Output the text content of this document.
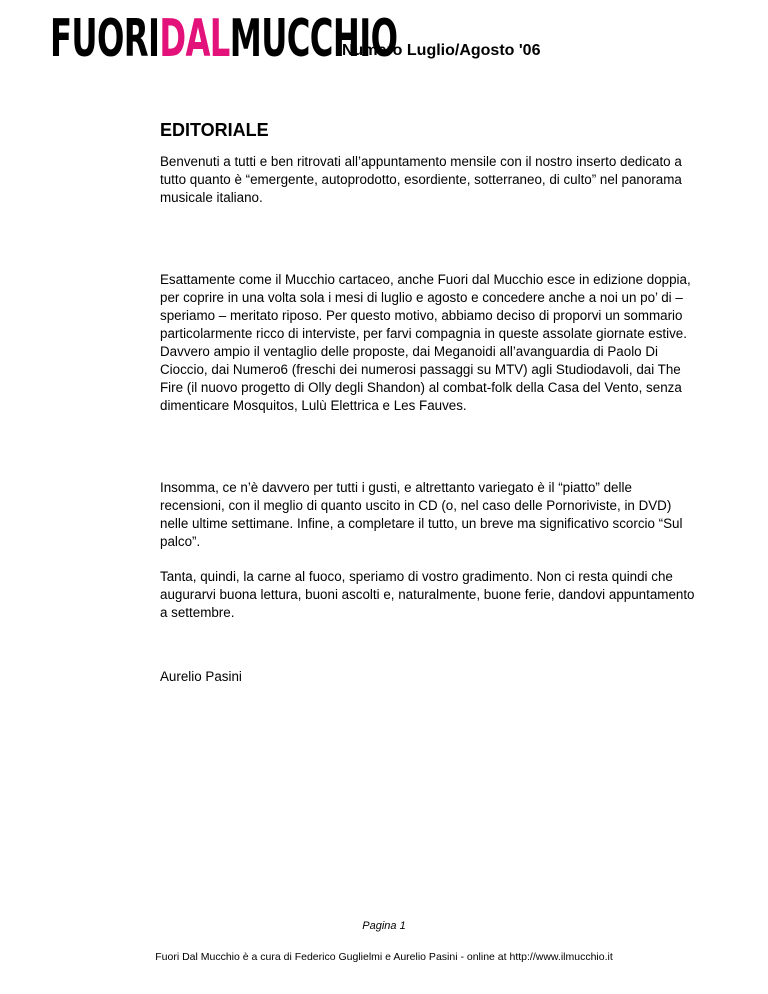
FUORIDALMUCCHIO
Numero Luglio/Agosto '06
EDITORIALE

Benvenuti a tutti e ben ritrovati all’appuntamento mensile con il nostro inserto dedicato a tutto quanto è “emergente, autoprodotto, esordiente, sotterraneo, di culto” nel panorama musicale italiano.

Esattamente come il Mucchio cartaceo, anche Fuori dal Mucchio esce in edizione doppia, per coprire in una volta sola i mesi di luglio e agosto e concedere anche a noi un po’ di – speriamo – meritato riposo. Per questo motivo, abbiamo deciso di proporvi un sommario particolarmente ricco di interviste, per farvi compagnia in queste assolate giornate estive. Davvero ampio il ventaglio delle proposte, dai Meganoidi all’avanguardia di Paolo Di Cioccio, dai Numero6 (freschi dei numerosi passaggi su MTV) agli Studiodavoli, dai The Fire (il nuovo progetto di Olly degli Shandon) al combat-folk della Casa del Vento, senza dimenticare Mosquitos, Lulù Elettrica e Les Fauves.

Insomma, ce n’è davvero per tutti i gusti, e altrettanto variegato è il “piatto” delle recensioni, con il meglio di quanto uscito in CD (o, nel caso delle Pornoriviste, in DVD) nelle ultime settimane. Infine, a completare il tutto, un breve ma significativo scorcio “Sul palco”.

Tanta, quindi, la carne al fuoco, speriamo di vostro gradimento. Non ci resta quindi che augurarvi buona lettura, buoni ascolti e, naturalmente, buone ferie, dandovi appuntamento a settembre.

Aurelio Pasini

Pagina 1
Fuori Dal Mucchio è a cura di Federico Guglielmi e Aurelio Pasini - online at http://www.ilmucchio.it
